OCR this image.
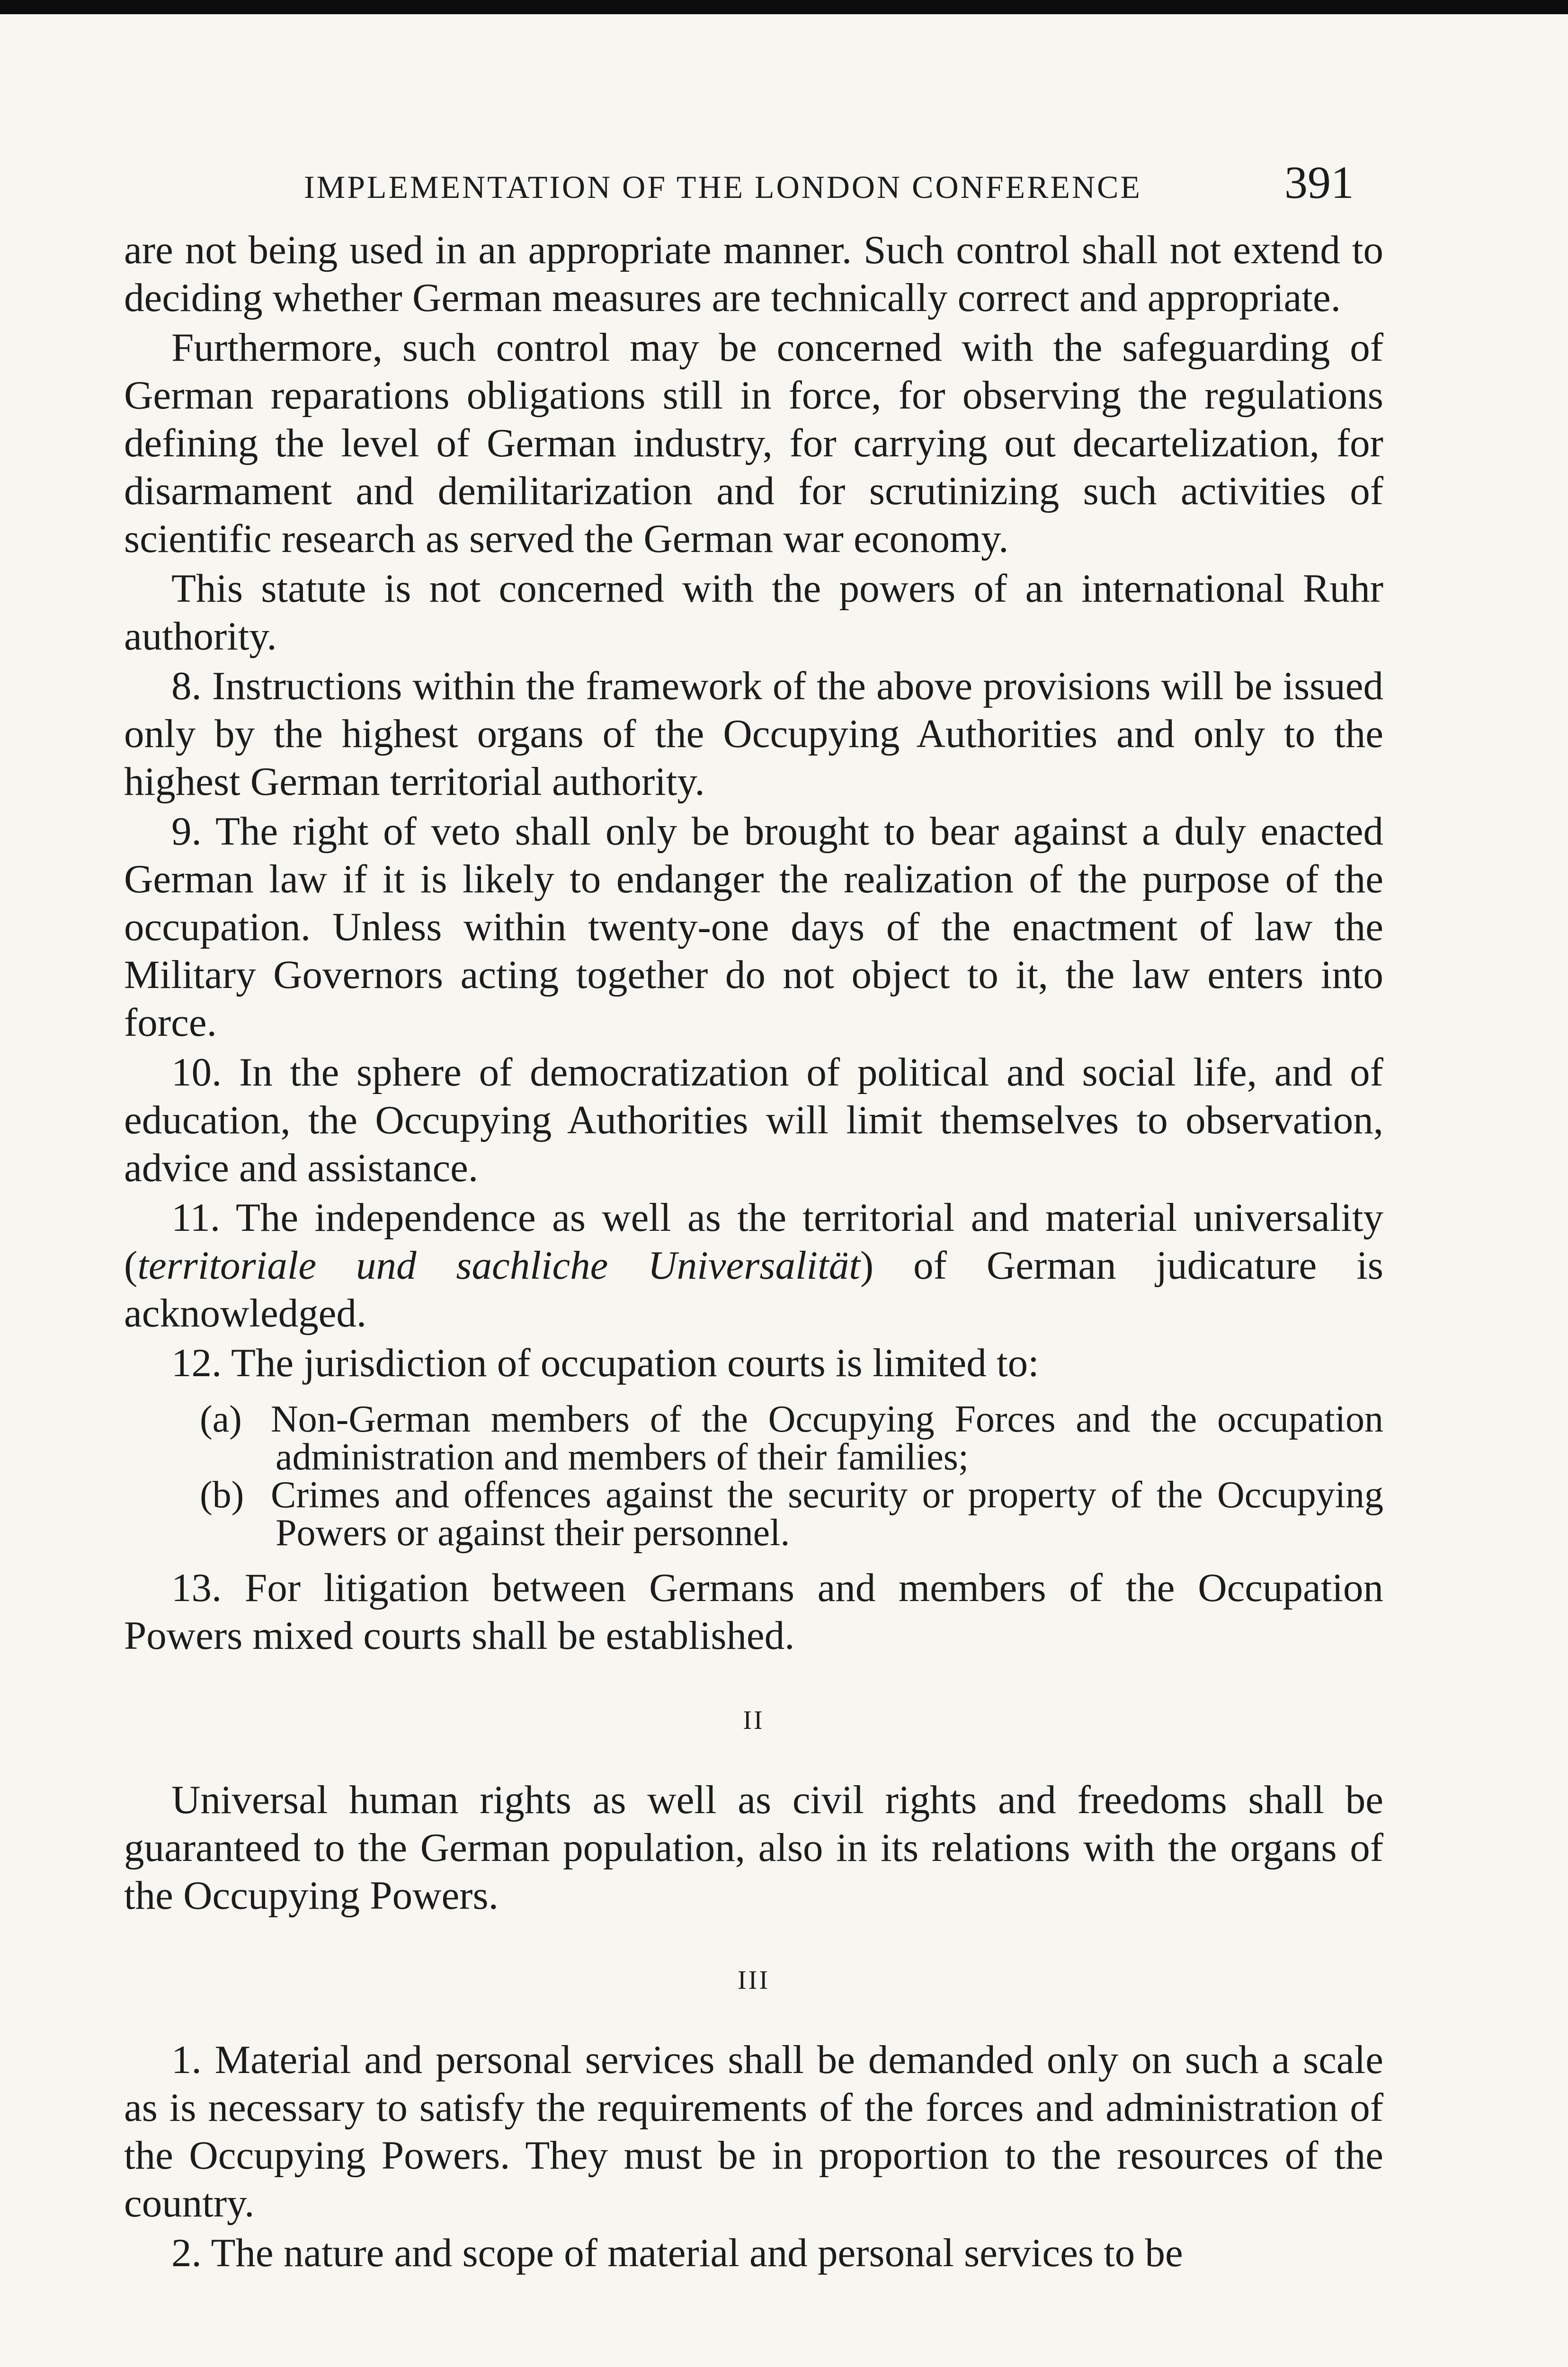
IMPLEMENTATION OF THE LONDON CONFERENCE	391

are not being used in an appropriate manner. Such control shall not extend to deciding whether German measures are technically correct and appropriate.

Furthermore, such control may be concerned with the safeguarding of German reparations obligations still in force, for observing the regulations defining the level of German industry, for carrying out decartelization, for disarmament and demilitarization and for scrutinizing such activities of scientific research as served the German war economy.

This statute is not concerned with the powers of an international Ruhr authority.

8. Instructions within the framework of the above provisions will be issued only by the highest organs of the Occupying Authorities and only to the highest German territorial authority.

9. The right of veto shall only be brought to bear against a duly enacted German law if it is likely to endanger the realization of the purpose of the occupation. Unless within twenty-one days of the enactment of law the Military Governors acting together do not object to it, the law enters into force.

10. In the sphere of democratization of political and social life, and of education, the Occupying Authorities will limit themselves to observation, advice and assistance.

11. The independence as well as the territorial and material universality (territoriale und sachliche Universalität) of German judicature is acknowledged.

12. The jurisdiction of occupation courts is limited to:

(a) Non-German members of the Occupying Forces and the occupation administration and members of their families;
(b) Crimes and offences against the security or property of the Occupying Powers or against their personnel.

13. For litigation between Germans and members of the Occupation Powers mixed courts shall be established.

II

Universal human rights as well as civil rights and freedoms shall be guaranteed to the German population, also in its relations with the organs of the Occupying Powers.

III

1. Material and personal services shall be demanded only on such a scale as is necessary to satisfy the requirements of the forces and administration of the Occupying Powers. They must be in proportion to the resources of the country.

2. The nature and scope of material and personal services to be
